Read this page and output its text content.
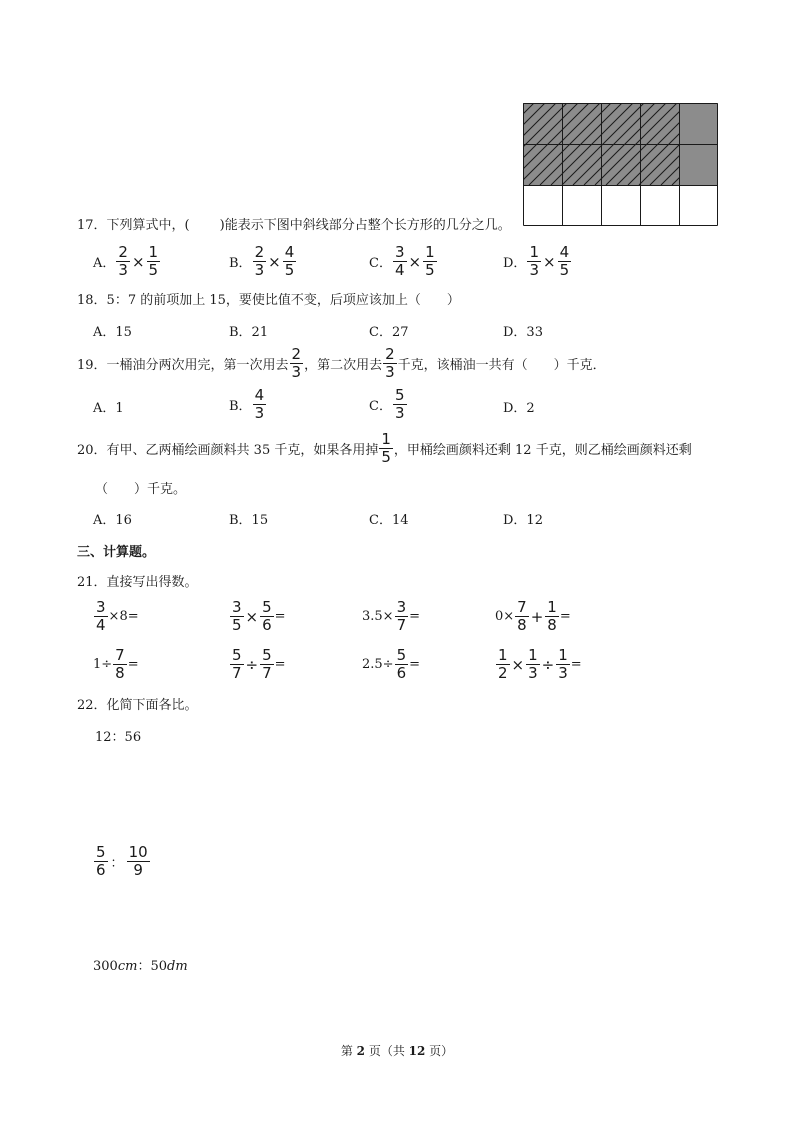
17．下列算式中，( )能表示下图中斜线部分占整个长方形的几分之几。
A． $\frac{2}{3} \times \frac{1}{5}$	B． $\frac{2}{3} \times \frac{4}{5}$	C． $\frac{3}{4} \times \frac{1}{5}$	D． $\frac{1}{3} \times \frac{4}{5}$
18．5：7 的前项加上 15，要使比值不变，后项应该加上（　　）
A．15	B．21	C．27	D．33
19．一桶油分两次用完，第一次用去 $\frac{2}{3}$ ，第二次用去 $\frac{2}{3}$ 千克，该桶油一共有（　　）千克．
A．1	B． $\frac{4}{3}$	C． $\frac{5}{3}$	D．2
20．有甲、乙两桶绘画颜料共 35 千克，如果各用掉 $\frac{1}{5}$ ，甲桶绘画颜料还剩 12 千克，则乙桶绘画颜料还剩
（　　）千克。
A．16	B．15	C．14	D．12
三、计算题。
21．直接写出得数。
$\frac{3}{4} \times 8=$	$\frac{3}{5} \times \frac{5}{6}$ =	$3.5\times \frac{3}{7}$ =	$0\times \frac{7}{8} + \frac{1}{8}$ =
$1\div \frac{7}{8}$ =	$\frac{5}{7} \div \frac{5}{7}$ =	$2.5\div \frac{5}{6}$ =	$\frac{1}{2} \times \frac{1}{3} \div \frac{1}{3}$ =
22．化简下面各比。
12：56
$\frac{5}{6}$ ： $\frac{10}{9}$
300cm：50dm
第 2 页（共 12 页）
